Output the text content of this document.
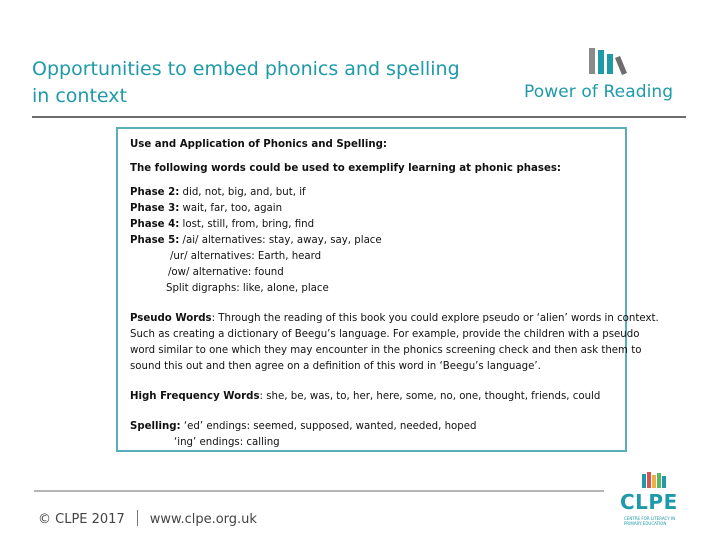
Opportunities to embed phonics and spelling
in context	Power of Reading
Use and Application of Phonics and Spelling:
The following words could be used to exemplify learning at phonic phases:
Phase 2: did, not, big, and, but, if
Phase 3: wait, far, too, again
Phase 4: lost, still, from, bring, find
Phase 5: /ai/ alternatives: stay, away, say, place
/ur/ alternatives: Earth, heard
/ow/ alternative: found
Split digraphs: like, alone, place
Pseudo Words: Through the reading of this book you could explore pseudo or ‘alien’ words in context.
Such as creating a dictionary of Beegu’s language. For example, provide the children with a pseudo
word similar to one which they may encounter in the phonics screening check and then ask them to
sound this out and then agree on a definition of this word in ‘Beegu’s language’.
High Frequency Words: she, be, was, to, her, here, some, no, one, thought, friends, could
Spelling: ‘ed’ endings: seemed, supposed, wanted, needed, hoped
‘ing’ endings: calling
© CLPE 2017 www.clpe.org.uk
CLPE
CENTRE FOR LITERACY IN PRIMARY EDUCATION
